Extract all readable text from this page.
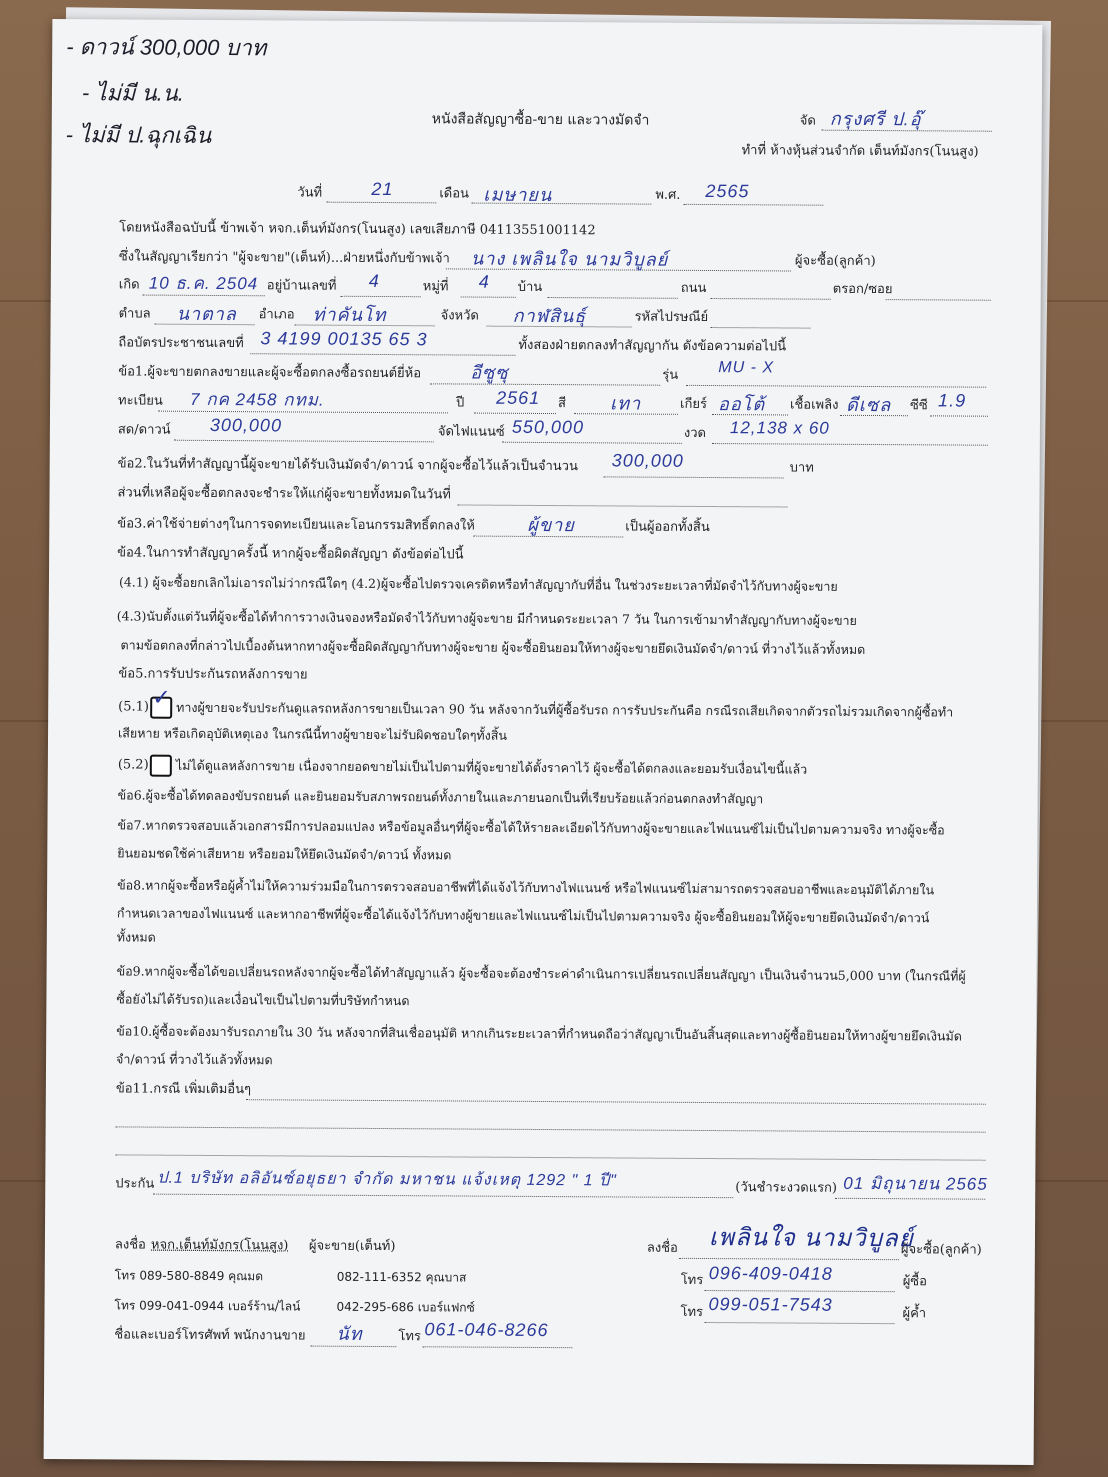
- ดาวน์ 300,000 บาท
- ไม่มี น.น.
- ไม่มี ป.ฉุกเฉิน
หนังสือสัญญาซื้อ-ขาย และวางมัดจำ	จัด กรุงศรี ป.อุ๊
ทำที่ ห้างหุ้นส่วนจำกัด เต็นท์มังกร(โนนสูง)
วันที่	21	เดือน เมษายน	พ.ศ. 2565
โดยหนังสือฉบับนี้ ข้าพเจ้า หจก.เต็นท์มังกร(โนนสูง) เลขเสียภาษี 04113551001142
ซึ่งในสัญญาเรียกว่า "ผู้จะขาย"(เต็นท์)...ฝ่ายหนึ่งกับข้าพเจ้า นาง เพลินใจ นามวิบูลย์	ผู้จะซื้อ(ลูกค้า)
เกิด 10 ธ.ค. 2504 อยู่บ้านเลขที่ 4	หมู่ที่ 4 บ้าน	ถนน	ตรอก/ซอย
ตำบล นาตาล อำเภอ ท่าคันโท	จังหวัด กาฬสินธุ์	รหัสไปรษณีย์
ถือบัตรประชาชนเลขที่ 3 4199 00135 65 3	ทั้งสองฝ่ายตกลงทำสัญญากัน ดังข้อความต่อไปนี้
ข้อ1.ผู้จะขายตกลงขายและผู้จะซื้อตกลงซื้อรถยนต์ยี่ห้อ	อีซูซุ	รุ่น	MU - X
ทะเบียน 7 กค 2458 กทม.	ปี 2561 สี เทา	เกียร์ ออโต้ เชื้อเพลิง ดีเซล ซีซี 1.9
สด/ดาวน์ 300,000	จัดไฟแนนซ์ 550,000	งวด 12,138 x 60
ข้อ2.ในวันที่ทำสัญญานี้ผู้จะขายได้รับเงินมัดจำ/ดาวน์ จากผู้จะซื้อไว้แล้วเป็นจำนวน 300,000	บาท
ส่วนที่เหลือผู้จะซื้อตกลงจะชำระให้แก่ผู้จะขายทั้งหมดในวันที่
ข้อ3.ค่าใช้จ่ายต่างๆในการจดทะเบียนและโอนกรรมสิทธิ์ตกลงให้	ผู้ขาย	เป็นผู้ออกทั้งสิ้น
ข้อ4.ในการทำสัญญาครั้งนี้ หากผู้จะซื้อผิดสัญญา ดังข้อต่อไปนี้
(4.1) ผู้จะซื้อยกเลิกไม่เอารถไม่ว่ากรณีใดๆ (4.2)ผู้จะซื้อไปตรวจเครดิตหรือทำสัญญากับที่อื่น ในช่วงระยะเวลาที่มัดจำไว้กับทางผู้จะขาย
(4.3)นับตั้งแต่วันที่ผู้จะซื้อได้ทำการวางเงินจองหรือมัดจำไว้กับทางผู้จะขาย มีกำหนดระยะเวลา 7 วัน ในการเข้ามาทำสัญญากับทางผู้จะขาย
ตามข้อตกลงที่กล่าวไปเบื้องต้นหากทางผู้จะซื้อผิดสัญญากับทางผู้จะขาย ผู้จะซื้อยินยอมให้ทางผู้จะขายยึดเงินมัดจำ/ดาวน์ ที่วางไว้แล้วทั้งหมด
ข้อ5.การรับประกันรถหลังการขาย
(5.1) ✓ ทางผู้ขายจะรับประกันดูแลรถหลังการขายเป็นเวลา 90 วัน หลังจากวันที่ผู้ซื้อรับรถ การรับประกันคือ กรณีรถเสียเกิดจากตัวรถไม่รวมเกิดจากผู้ซื้อทำ
เสียหาย หรือเกิดอุบัติเหตุเอง ในกรณีนี้ทางผู้ขายจะไม่รับผิดชอบใดๆทั้งสิ้น
(5.2) ไม่ได้ดูแลหลังการขาย เนื่องจากยอดขายไม่เป็นไปตามที่ผู้จะขายได้ตั้งราคาไว้ ผู้จะซื้อได้ตกลงและยอมรับเงื่อนไขนี้แล้ว
ข้อ6.ผู้จะซื้อได้ทดลองขับรถยนต์ และยินยอมรับสภาพรถยนต์ทั้งภายในและภายนอกเป็นที่เรียบร้อยแล้วก่อนตกลงทำสัญญา
ข้อ7.หากตรวจสอบแล้วเอกสารมีการปลอมแปลง หรือข้อมูลอื่นๆที่ผู้จะซื้อได้ให้รายละเอียดไว้กับทางผู้จะขายและไฟแนนซ์ไม่เป็นไปตามความจริง ทางผู้จะซื้อ
ยินยอมชดใช้ค่าเสียหาย หรือยอมให้ยึดเงินมัดจำ/ดาวน์ ทั้งหมด
ข้อ8.หากผู้จะซื้อหรือผู้ค้ำไม่ให้ความร่วมมือในการตรวจสอบอาชีพที่ได้แจ้งไว้กับทางไฟแนนซ์ หรือไฟแนนซ์ไม่สามารถตรวจสอบอาชีพและอนุมัติได้ภายใน
กำหนดเวลาของไฟแนนซ์ และหากอาชีพที่ผู้จะซื้อได้แจ้งไว้กับทางผู้ขายและไฟแนนซ์ไม่เป็นไปตามความจริง ผู้จะซื้อยินยอมให้ผู้จะขายยึดเงินมัดจำ/ดาวน์
ทั้งหมด
ข้อ9.หากผู้จะซื้อได้ขอเปลี่ยนรถหลังจากผู้จะซื้อได้ทำสัญญาแล้ว ผู้จะซื้อจะต้องชำระค่าดำเนินการเปลี่ยนรถเปลี่ยนสัญญา เป็นเงินจำนวน5,000 บาท (ในกรณีที่ผู้
ซื้อยังไม่ได้รับรถ)และเงื่อนไขเป็นไปตามที่บริษัทกำหนด
ข้อ10.ผู้ซื้อจะต้องมารับรถภายใน 30 วัน หลังจากที่สินเชื่ออนุมัติ หากเกินระยะเวลาที่กำหนดถือว่าสัญญาเป็นอันสิ้นสุดและทางผู้ซื้อยินยอมให้ทางผู้ขายยึดเงินมัด
จำ/ดาวน์ ที่วางไว้แล้วทั้งหมด
ข้อ11.กรณี เพิ่มเติมอื่นๆ
ประกัน ป.1 บริษัท อลิอันซ์อยุธยา จำกัด มหาชน แจ้งเหตุ 1292 " 1 ปี"	(วันชำระงวดแรก) 01 มิถุนายน 2565
ลงชื่อ หจก.เต็นท์มังกร(โนนสูง) ผู้จะขาย(เต็นท์)	ลงชื่อ เพลินใจ นามวิบูลย์
ผู้จะซื้อ(ลูกค้า)
โทร 089-580-8849 คุณมด	082-111-6352 คุณบาส	โทร 096-409-0418	ผู้ซื้อ
โทร 099-041-0944 เบอร์ร้าน/ไลน์	042-295-686 เบอร์แฟกซ์	โทร 099-051-7543	ผู้ค้ำ
ชื่อและเบอร์โทรศัพท์ พนักงานขาย นัท	โทร 061-046-8266
